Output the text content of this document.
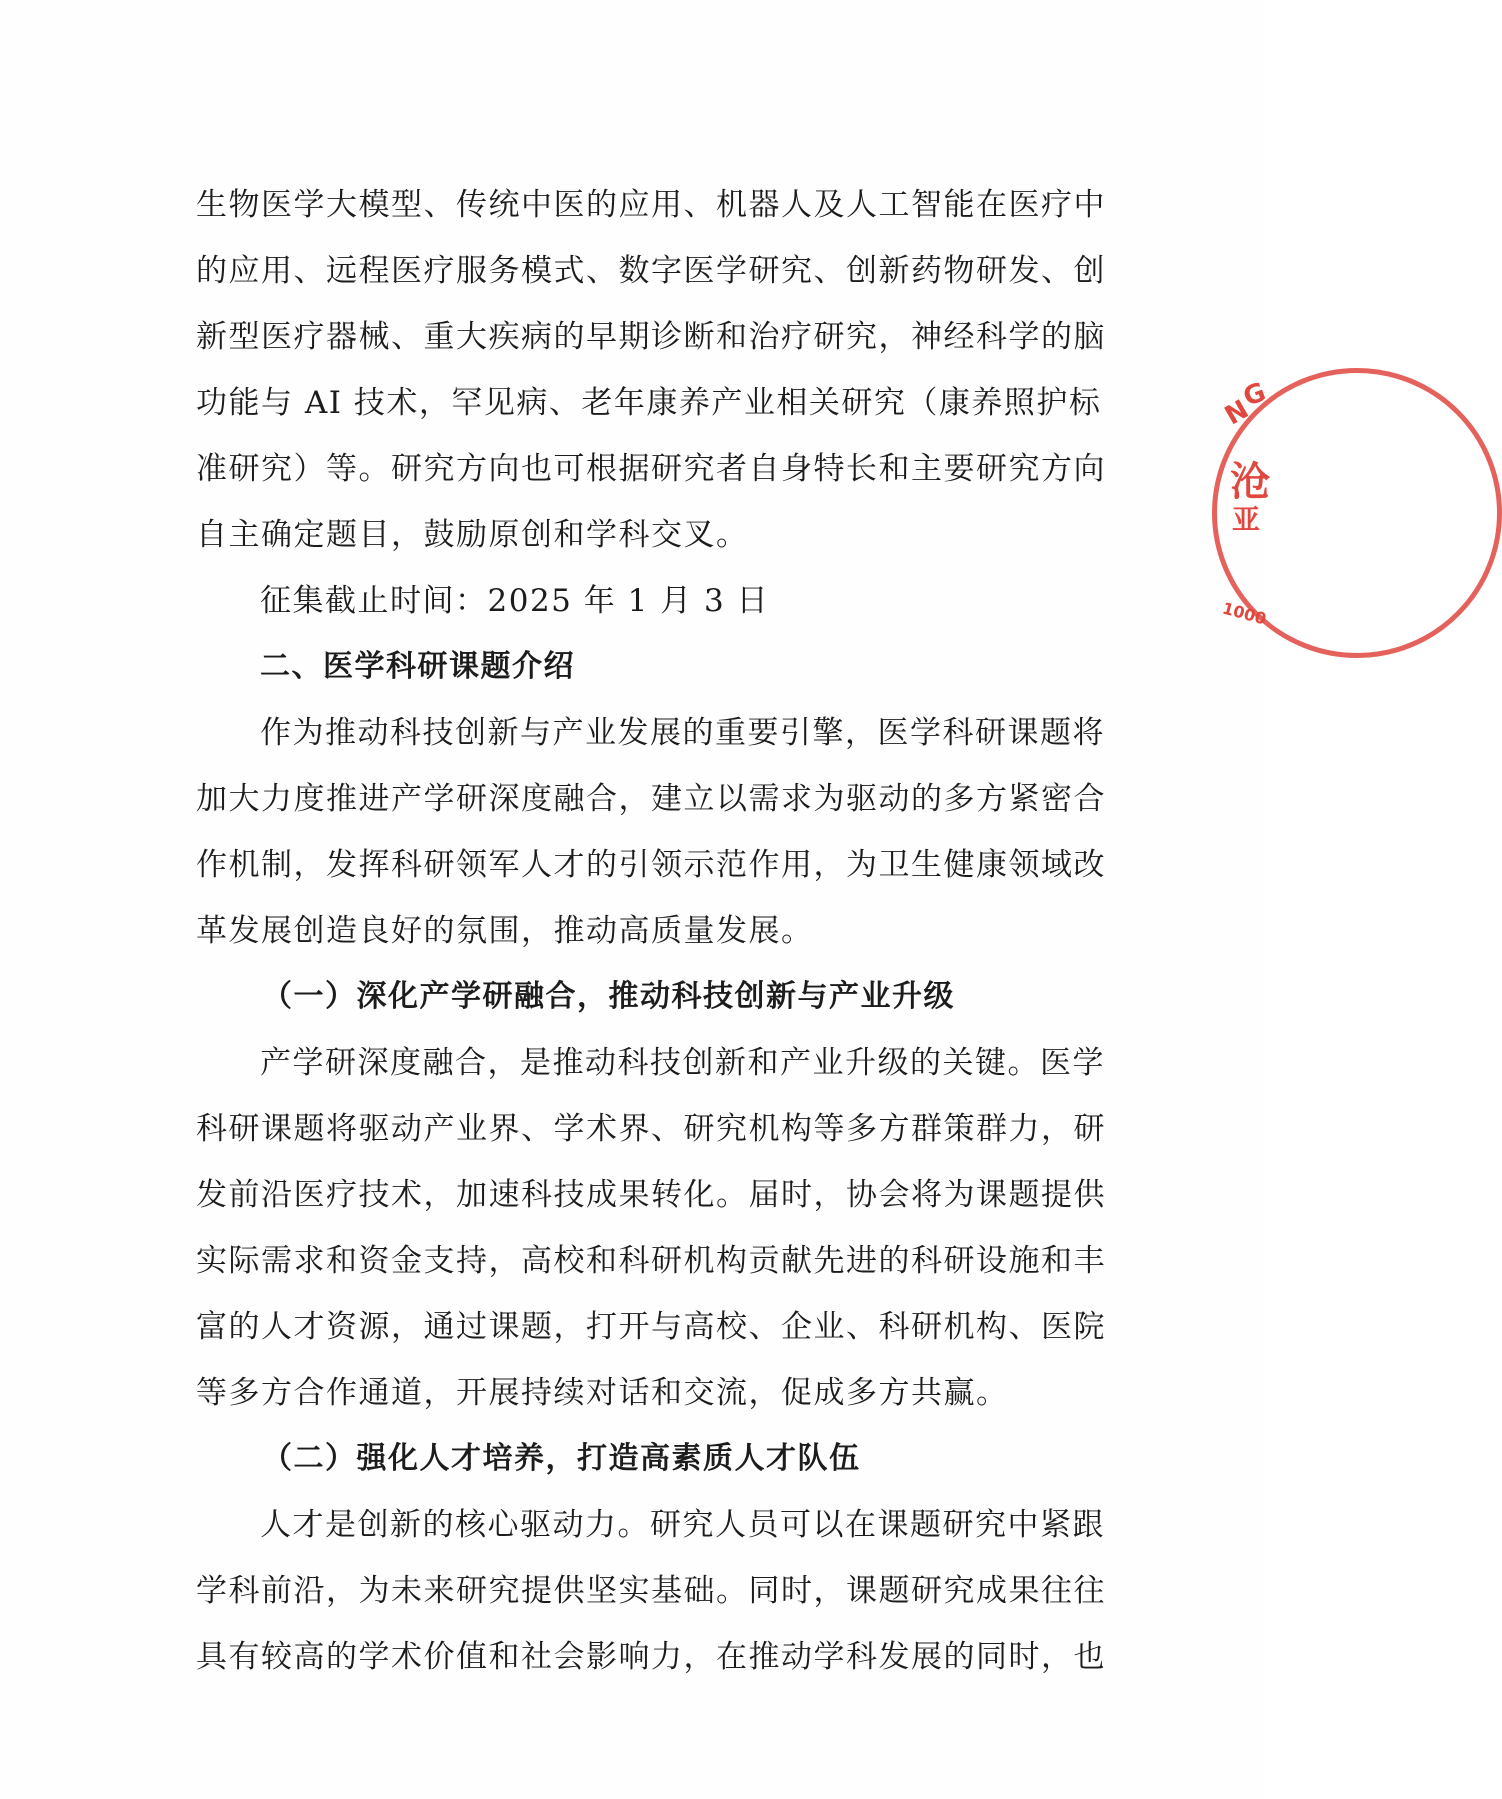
生物医学大模型、传统中医的应用、机器人及人工智能在医疗中
的应用、远程医疗服务模式、数字医学研究、创新药物研发、创
新型医疗器械、重大疾病的早期诊断和治疗研究，神经科学的脑
功能与 AI 技术，罕见病、老年康养产业相关研究（康养照护标
准研究）等。研究方向也可根据研究者自身特长和主要研究方向
自主确定题目，鼓励原创和学科交叉。
征集截止时间：2025 年 1 月 3 日
二、医学科研课题介绍
作为推动科技创新与产业发展的重要引擎，医学科研课题将
加大力度推进产学研深度融合，建立以需求为驱动的多方紧密合
作机制，发挥科研领军人才的引领示范作用，为卫生健康领域改
革发展创造良好的氛围，推动高质量发展。
（一）深化产学研融合，推动科技创新与产业升级
产学研深度融合，是推动科技创新和产业升级的关键。医学
科研课题将驱动产业界、学术界、研究机构等多方群策群力，研
发前沿医疗技术，加速科技成果转化。届时，协会将为课题提供
实际需求和资金支持，高校和科研机构贡献先进的科研设施和丰
富的人才资源，通过课题，打开与高校、企业、科研机构、医院
等多方合作通道，开展持续对话和交流，促成多方共赢。
（二）强化人才培养，打造高素质人才队伍
人才是创新的核心驱动力。研究人员可以在课题研究中紧跟
学科前沿，为未来研究提供坚实基础。同时，课题研究成果往往
具有较高的学术价值和社会影响力，在推动学科发展的同时，也
N
G
沧
亚
1000
